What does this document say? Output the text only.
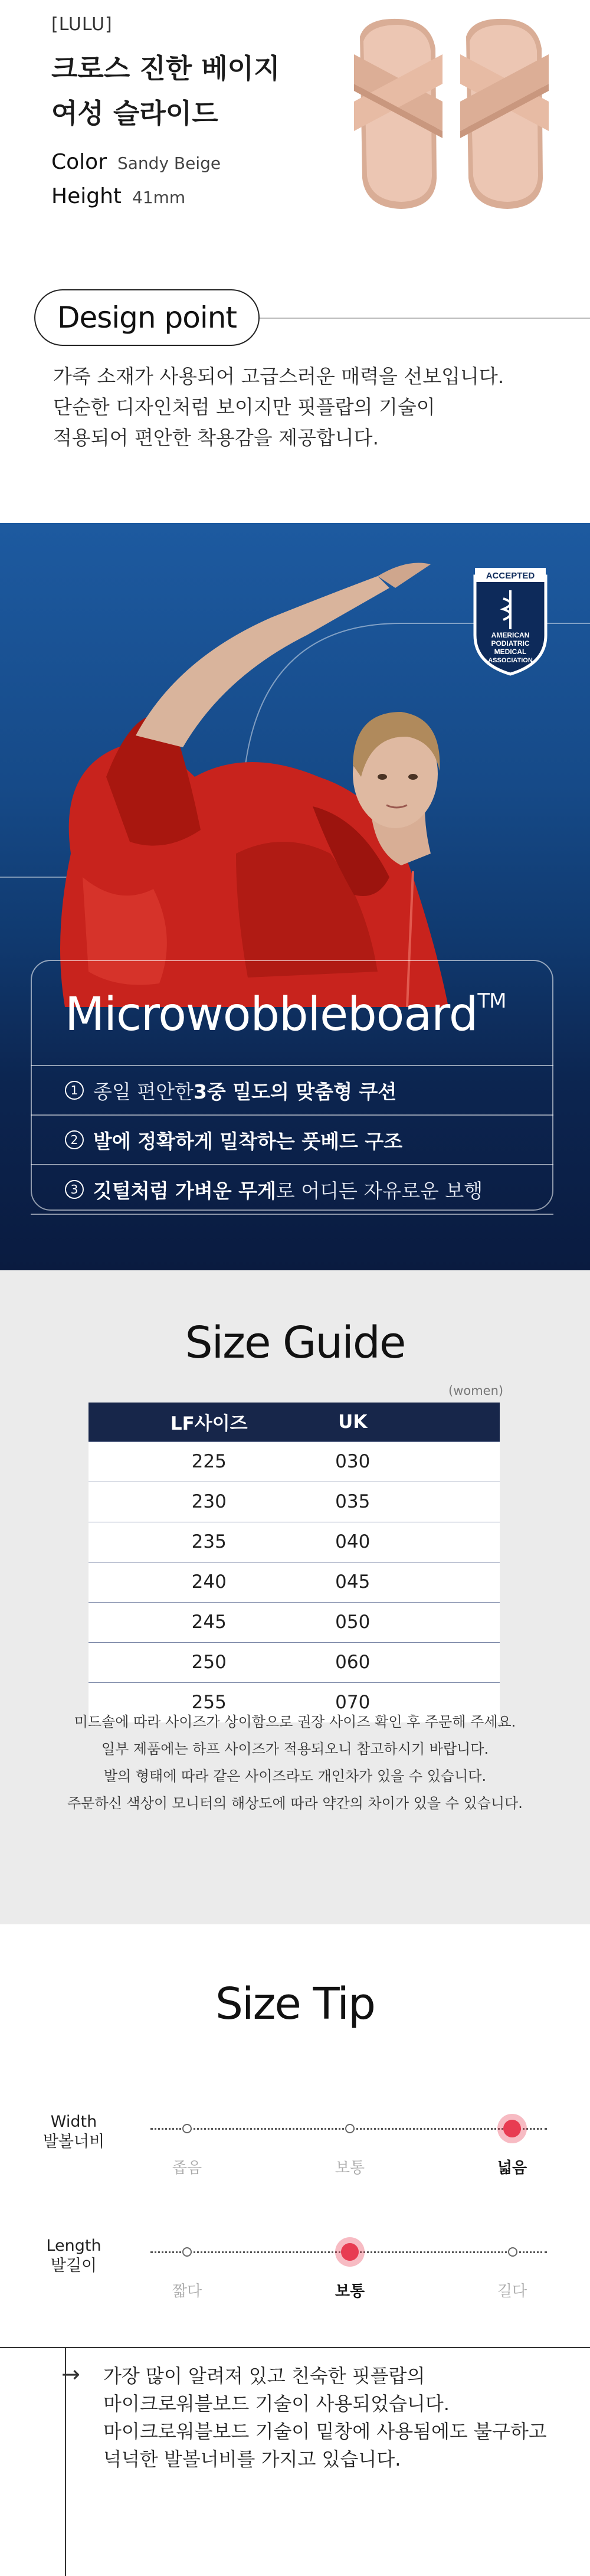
[LULU]
크로스 진한 베이지
여성 슬라이드
Color Sandy Beige
Height 41mm
Design point
가죽 소재가 사용되어 고급스러운 매력을 선보입니다.
단순한 디자인처럼 보이지만 핏플랍의 기술이
적용되어 편안한 착용감을 제공합니다.
ACCEPTED
AMERICAN
PODIATRIC
MEDICAL
ASSOCIATION
Microwobbleboard™
1 종일 편안한 3중 밀도의 맞춤형 쿠션
2 발에 정확하게 밀착하는 풋베드 구조
3 깃털처럼 가벼운 무게 로 어디든 자유로운 보행
Size Guide
(women)
LF사이즈	UK
225	030
230	035
235	040
240	045
245	050
250	060
255	070
미드솔에 따라 사이즈가 상이함으로 권장 사이즈 확인 후 주문해 주세요.
일부 제품에는 하프 사이즈가 적용되오니 참고하시기 바랍니다.
발의 형태에 따라 같은 사이즈라도 개인차가 있을 수 있습니다.
주문하신 색상이 모니터의 해상도에 따라 약간의 차이가 있을 수 있습니다.
Size Tip
Width
발볼너비
좁음	보통	넓음
Length
발길이
짧다	보통	길다
→ 가장 많이 알려져 있고 친숙한 핏플랍의
마이크로워블보드 기술이 사용되었습니다.
마이크로워블보드 기술이 밑창에 사용됨에도 불구하고
넉넉한 발볼너비를 가지고 있습니다.
